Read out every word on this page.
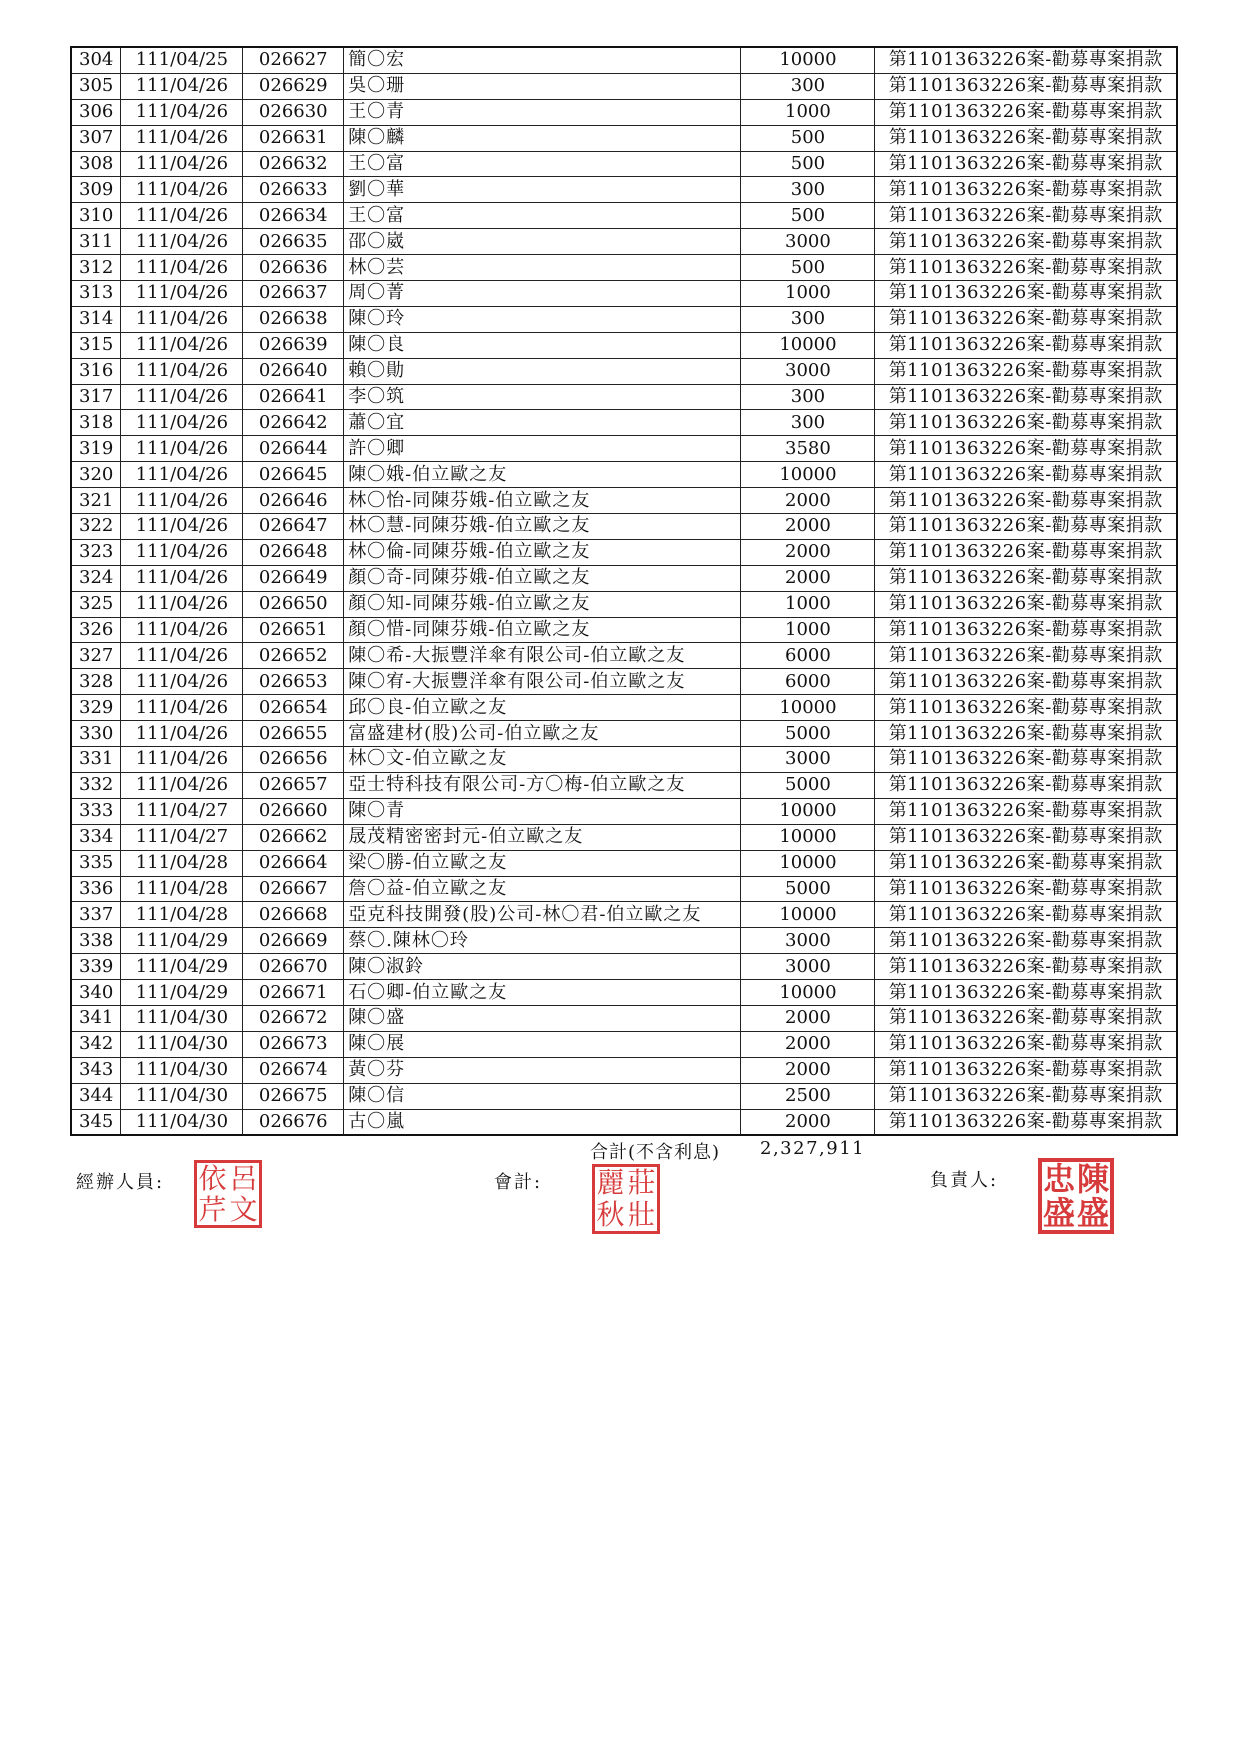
304	111/04/25	026627	簡〇宏	10000	第1101363226案-勸募專案捐款
305	111/04/26	026629	吳〇珊	300	第1101363226案-勸募專案捐款
306	111/04/26	026630	王〇青	1000	第1101363226案-勸募專案捐款
307	111/04/26	026631	陳〇麟	500	第1101363226案-勸募專案捐款
308	111/04/26	026632	王〇富	500	第1101363226案-勸募專案捐款
309	111/04/26	026633	劉〇華	300	第1101363226案-勸募專案捐款
310	111/04/26	026634	王〇富	500	第1101363226案-勸募專案捐款
311	111/04/26	026635	邵〇崴	3000	第1101363226案-勸募專案捐款
312	111/04/26	026636	林〇芸	500	第1101363226案-勸募專案捐款
313	111/04/26	026637	周〇菁	1000	第1101363226案-勸募專案捐款
314	111/04/26	026638	陳〇玲	300	第1101363226案-勸募專案捐款
315	111/04/26	026639	陳〇良	10000	第1101363226案-勸募專案捐款
316	111/04/26	026640	賴〇勛	3000	第1101363226案-勸募專案捐款
317	111/04/26	026641	李〇筑	300	第1101363226案-勸募專案捐款
318	111/04/26	026642	蕭〇宜	300	第1101363226案-勸募專案捐款
319	111/04/26	026644	許〇卿	3580	第1101363226案-勸募專案捐款
320	111/04/26	026645	陳〇娥-伯立歐之友	10000	第1101363226案-勸募專案捐款
321	111/04/26	026646	林〇怡-同陳芬娥-伯立歐之友	2000	第1101363226案-勸募專案捐款
322	111/04/26	026647	林〇慧-同陳芬娥-伯立歐之友	2000	第1101363226案-勸募專案捐款
323	111/04/26	026648	林〇倫-同陳芬娥-伯立歐之友	2000	第1101363226案-勸募專案捐款
324	111/04/26	026649	顏〇奇-同陳芬娥-伯立歐之友	2000	第1101363226案-勸募專案捐款
325	111/04/26	026650	顏〇知-同陳芬娥-伯立歐之友	1000	第1101363226案-勸募專案捐款
326	111/04/26	026651	顏〇惜-同陳芬娥-伯立歐之友	1000	第1101363226案-勸募專案捐款
327	111/04/26	026652	陳〇希-大振豐洋傘有限公司-伯立歐之友	6000	第1101363226案-勸募專案捐款
328	111/04/26	026653	陳〇宥-大振豐洋傘有限公司-伯立歐之友	6000	第1101363226案-勸募專案捐款
329	111/04/26	026654	邱〇良-伯立歐之友	10000	第1101363226案-勸募專案捐款
330	111/04/26	026655	富盛建材(股)公司-伯立歐之友	5000	第1101363226案-勸募專案捐款
331	111/04/26	026656	林〇文-伯立歐之友	3000	第1101363226案-勸募專案捐款
332	111/04/26	026657	亞士特科技有限公司-方〇梅-伯立歐之友	5000	第1101363226案-勸募專案捐款
333	111/04/27	026660	陳〇青	10000	第1101363226案-勸募專案捐款
334	111/04/27	026662	晟茂精密密封元-伯立歐之友	10000	第1101363226案-勸募專案捐款
335	111/04/28	026664	梁〇勝-伯立歐之友	10000	第1101363226案-勸募專案捐款
336	111/04/28	026667	詹〇益-伯立歐之友	5000	第1101363226案-勸募專案捐款
337	111/04/28	026668	亞克科技開發(股)公司-林〇君-伯立歐之友	10000	第1101363226案-勸募專案捐款
338	111/04/29	026669	蔡〇.陳林〇玲	3000	第1101363226案-勸募專案捐款
339	111/04/29	026670	陳〇淑鈴	3000	第1101363226案-勸募專案捐款
340	111/04/29	026671	石〇卿-伯立歐之友	10000	第1101363226案-勸募專案捐款
341	111/04/30	026672	陳〇盛	2000	第1101363226案-勸募專案捐款
342	111/04/30	026673	陳〇展	2000	第1101363226案-勸募專案捐款
343	111/04/30	026674	黃〇芬	2000	第1101363226案-勸募專案捐款
344	111/04/30	026675	陳〇信	2500	第1101363226案-勸募專案捐款
345	111/04/30	026676	古〇嵐	2000	第1101363226案-勸募專案捐款
合計(不含利息) 2,327,911
經辦人員: 呂
文
依
芹
會計:	莊
壯
麗
秋
負責人: 陳
盛
忠
盛
